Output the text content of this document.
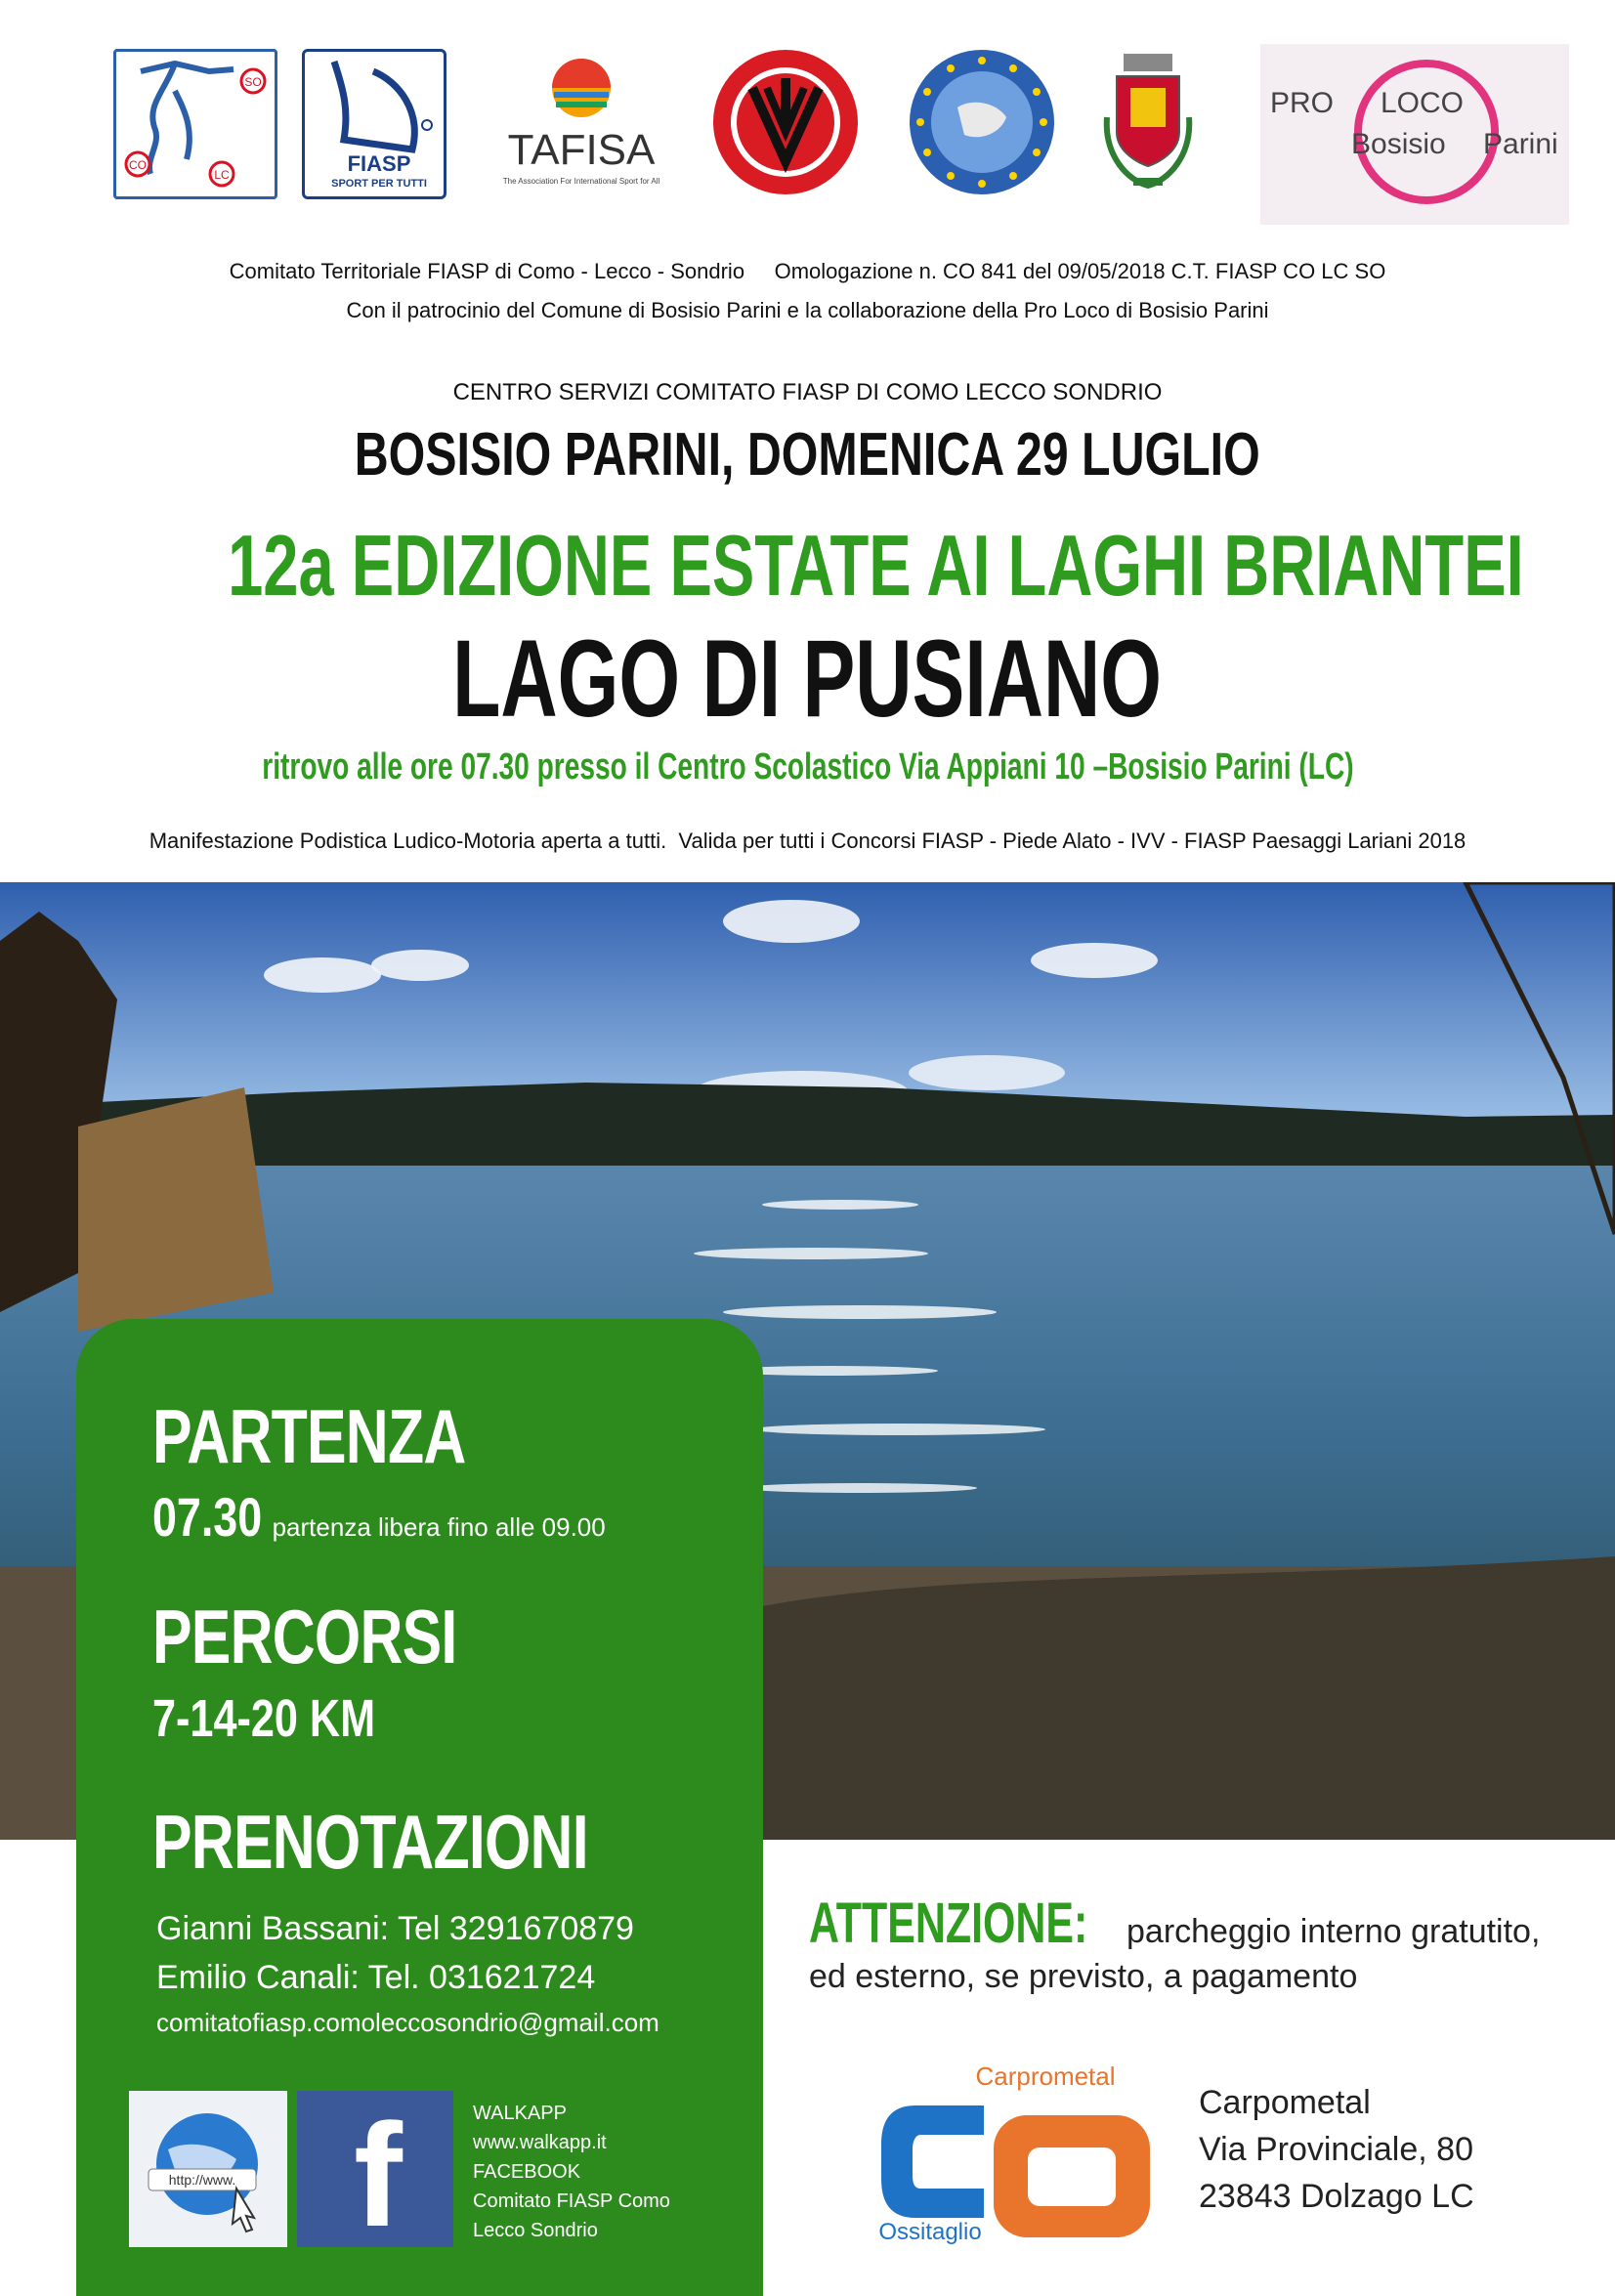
SO
CO
LC	FIASP
SPORT PER TUTTI
TAFISA
The Association For International Sport for All
PRO LOCO
Bosisio Parini
Comitato Territoriale FIASP di Como - Lecco - Sondrio     Omologazione n. CO 841 del 09/05/2018 C.T. FIASP CO LC SO
Con il patrocinio del Comune di Bosisio Parini e la collaborazione della Pro Loco di Bosisio Parini
CENTRO SERVIZI COMITATO FIASP DI COMO LECCO SONDRIO
BOSISIO PARINI, DOMENICA 29 LUGLIO
12a EDIZIONE ESTATE AI LAGHI BRIANTEI
LAGO DI PUSIANO
ritrovo alle ore 07.30 presso il Centro Scolastico Via Appiani 10 –Bosisio Parini (LC)
Manifestazione Podistica Ludico-Motoria aperta a tutti.  Valida per tutti i Concorsi FIASP - Piede Alato - IVV - FIASP Paesaggi Lariani 2018
PARTENZA
07.30 partenza libera fino alle 09.00
PERCORSI
7-14-20 KM
PRENOTAZIONI
Gianni Bassani: Tel 3291670879
Emilio Canali: Tel. 031621724
comitatofiasp.comoleccosondrio@gmail.com
http://www. f	WALKAPP
www.walkapp.it
FACEBOOK
Comitato FIASP Como
Lecco Sondrio
ATTENZIONE: parcheggio interno gratutito,
ed esterno, se previsto, a pagamento
Carprometal
Ossitaglio
Carpometal
Via Provinciale, 80
23843 Dolzago LC
